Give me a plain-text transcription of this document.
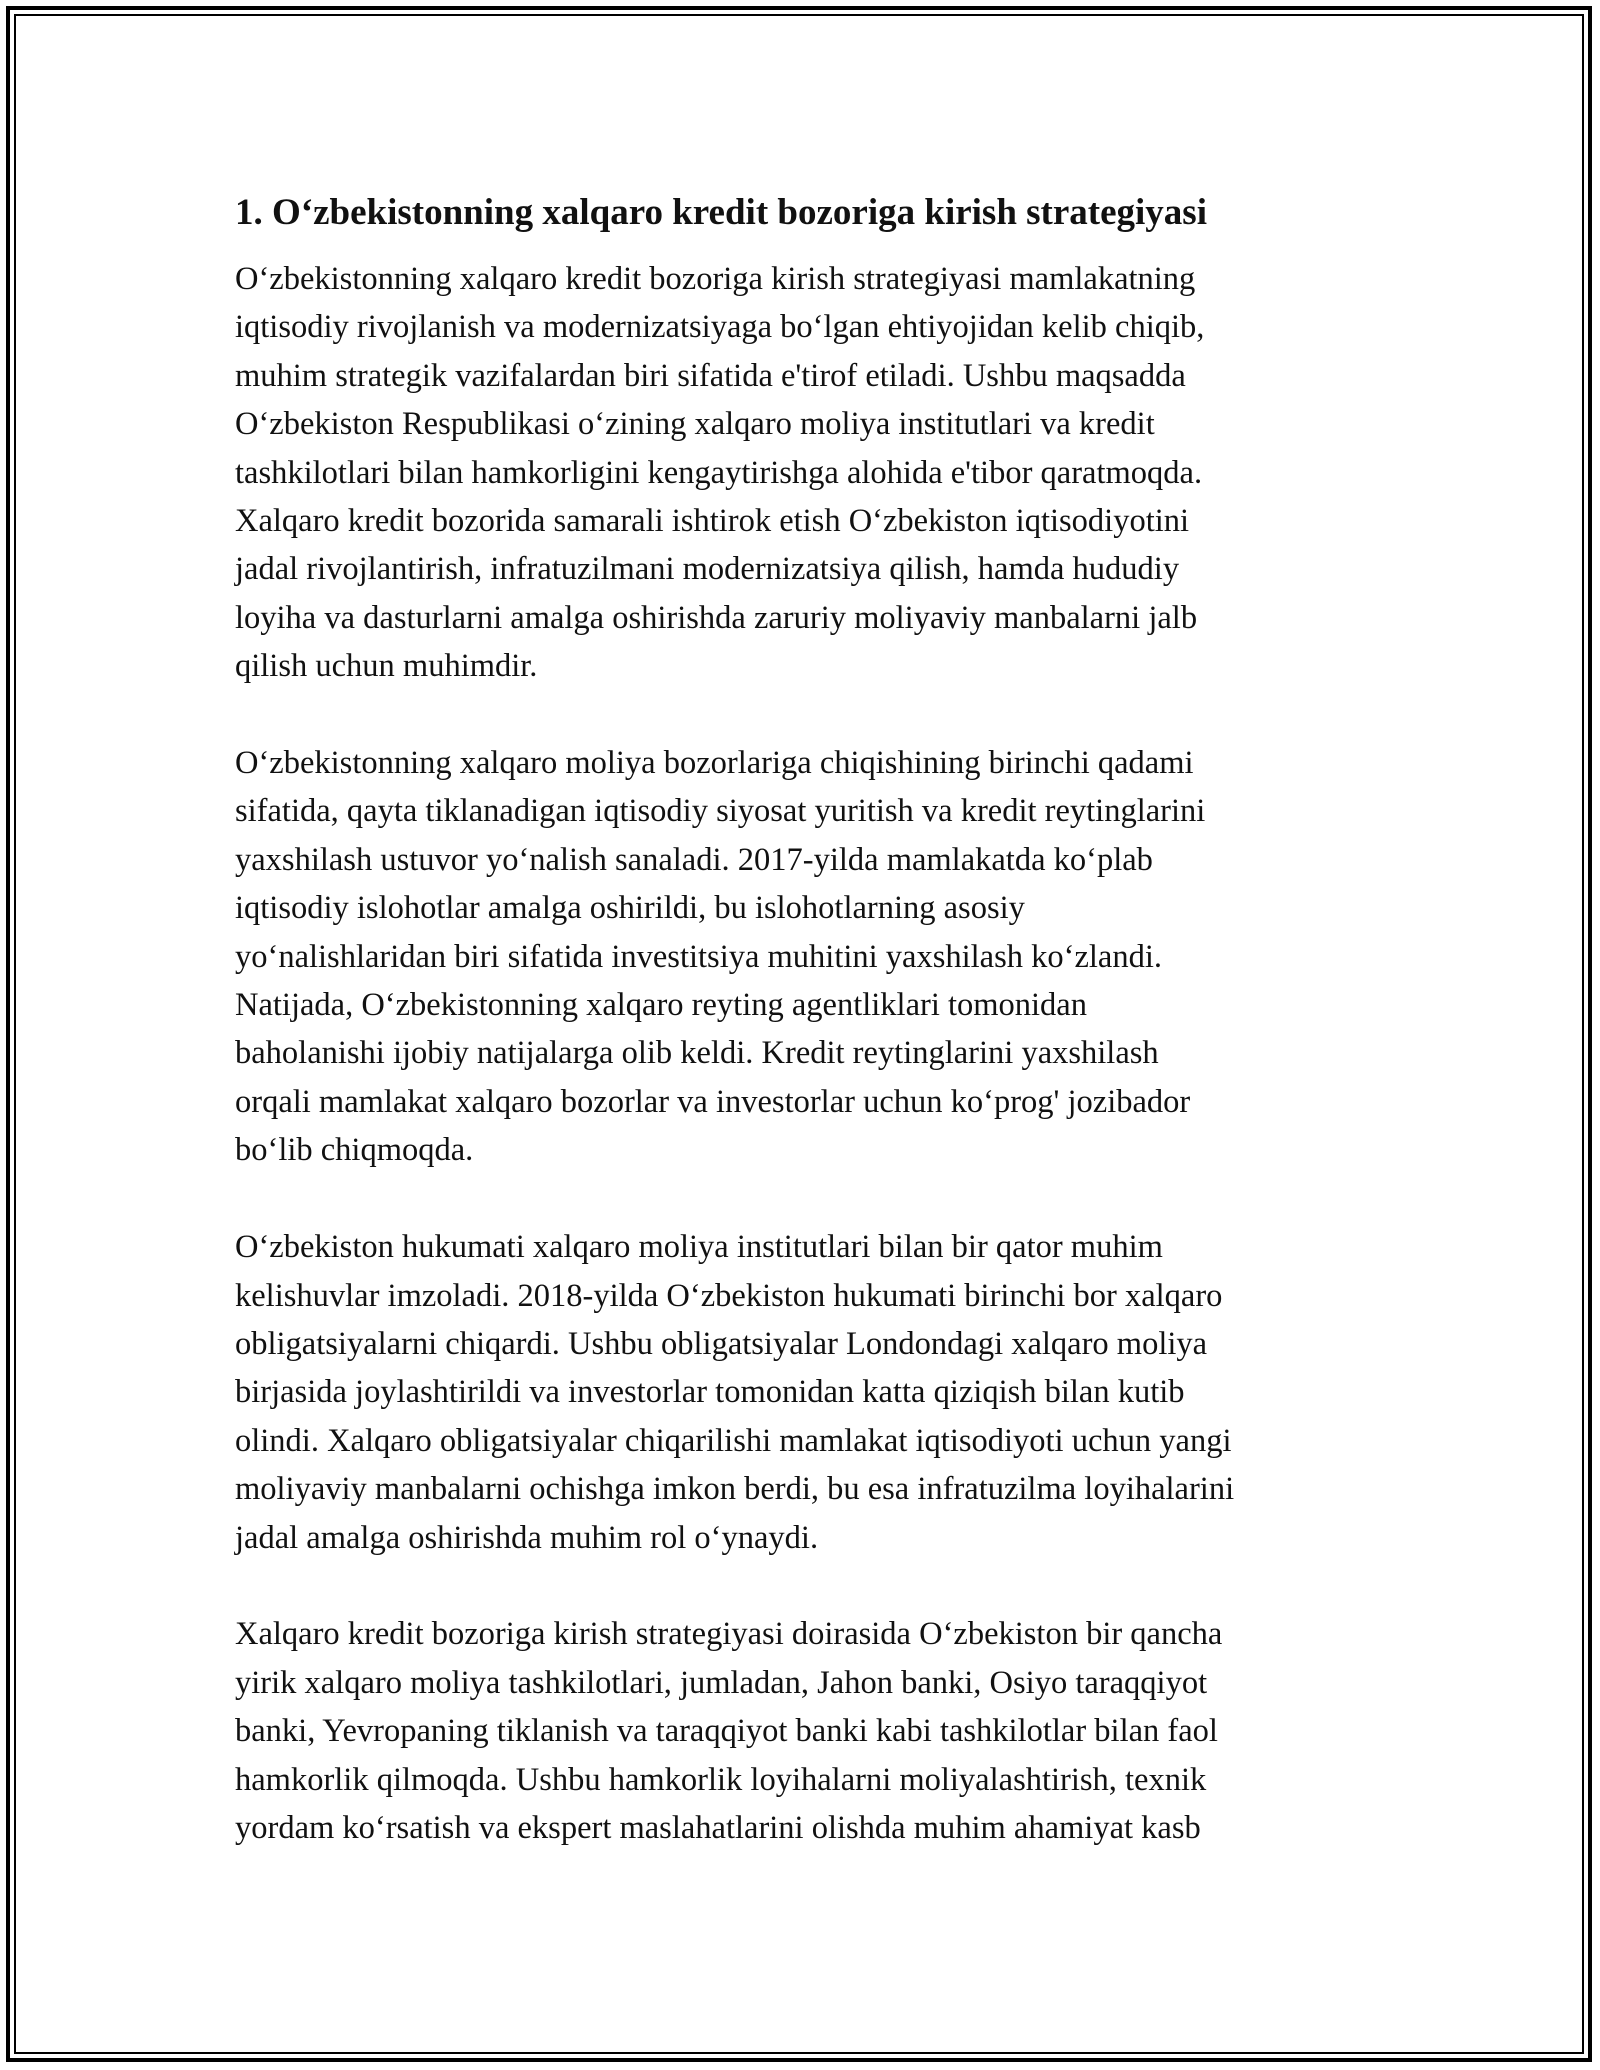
1. O‘zbekistonning xalqaro kredit bozoriga kirish strategiyasi

O‘zbekistonning xalqaro kredit bozoriga kirish strategiyasi mamlakatning
iqtisodiy rivojlanish va modernizatsiyaga bo‘lgan ehtiyojidan kelib chiqib,
muhim strategik vazifalardan biri sifatida e'tirof etiladi. Ushbu maqsadda
O‘zbekiston Respublikasi o‘zining xalqaro moliya institutlari va kredit
tashkilotlari bilan hamkorligini kengaytirishga alohida e'tibor qaratmoqda.
Xalqaro kredit bozorida samarali ishtirok etish O‘zbekiston iqtisodiyotini
jadal rivojlantirish, infratuzilmani modernizatsiya qilish, hamda hududiy
loyiha va dasturlarni amalga oshirishda zaruriy moliyaviy manbalarni jalb
qilish uchun muhimdir.

O‘zbekistonning xalqaro moliya bozorlariga chiqishining birinchi qadami
sifatida, qayta tiklanadigan iqtisodiy siyosat yuritish va kredit reytinglarini
yaxshilash ustuvor yo‘nalish sanaladi. 2017-yilda mamlakatda ko‘plab
iqtisodiy islohotlar amalga oshirildi, bu islohotlarning asosiy
yo‘nalishlaridan biri sifatida investitsiya muhitini yaxshilash ko‘zlandi.
Natijada, O‘zbekistonning xalqaro reyting agentliklari tomonidan
baholanishi ijobiy natijalarga olib keldi. Kredit reytinglarini yaxshilash
orqali mamlakat xalqaro bozorlar va investorlar uchun ko‘prog' jozibador
bo‘lib chiqmoqda.

O‘zbekiston hukumati xalqaro moliya institutlari bilan bir qator muhim
kelishuvlar imzoladi. 2018-yilda O‘zbekiston hukumati birinchi bor xalqaro
obligatsiyalarni chiqardi. Ushbu obligatsiyalar Londondagi xalqaro moliya
birjasida joylashtirildi va investorlar tomonidan katta qiziqish bilan kutib
olindi. Xalqaro obligatsiyalar chiqarilishi mamlakat iqtisodiyoti uchun yangi
moliyaviy manbalarni ochishga imkon berdi, bu esa infratuzilma loyihalarini
jadal amalga oshirishda muhim rol o‘ynaydi.

Xalqaro kredit bozoriga kirish strategiyasi doirasida O‘zbekiston bir qancha
yirik xalqaro moliya tashkilotlari, jumladan, Jahon banki, Osiyo taraqqiyot
banki, Yevropaning tiklanish va taraqqiyot banki kabi tashkilotlar bilan faol
hamkorlik qilmoqda. Ushbu hamkorlik loyihalarni moliyalashtirish, texnik
yordam ko‘rsatish va ekspert maslahatlarini olishda muhim ahamiyat kasb
